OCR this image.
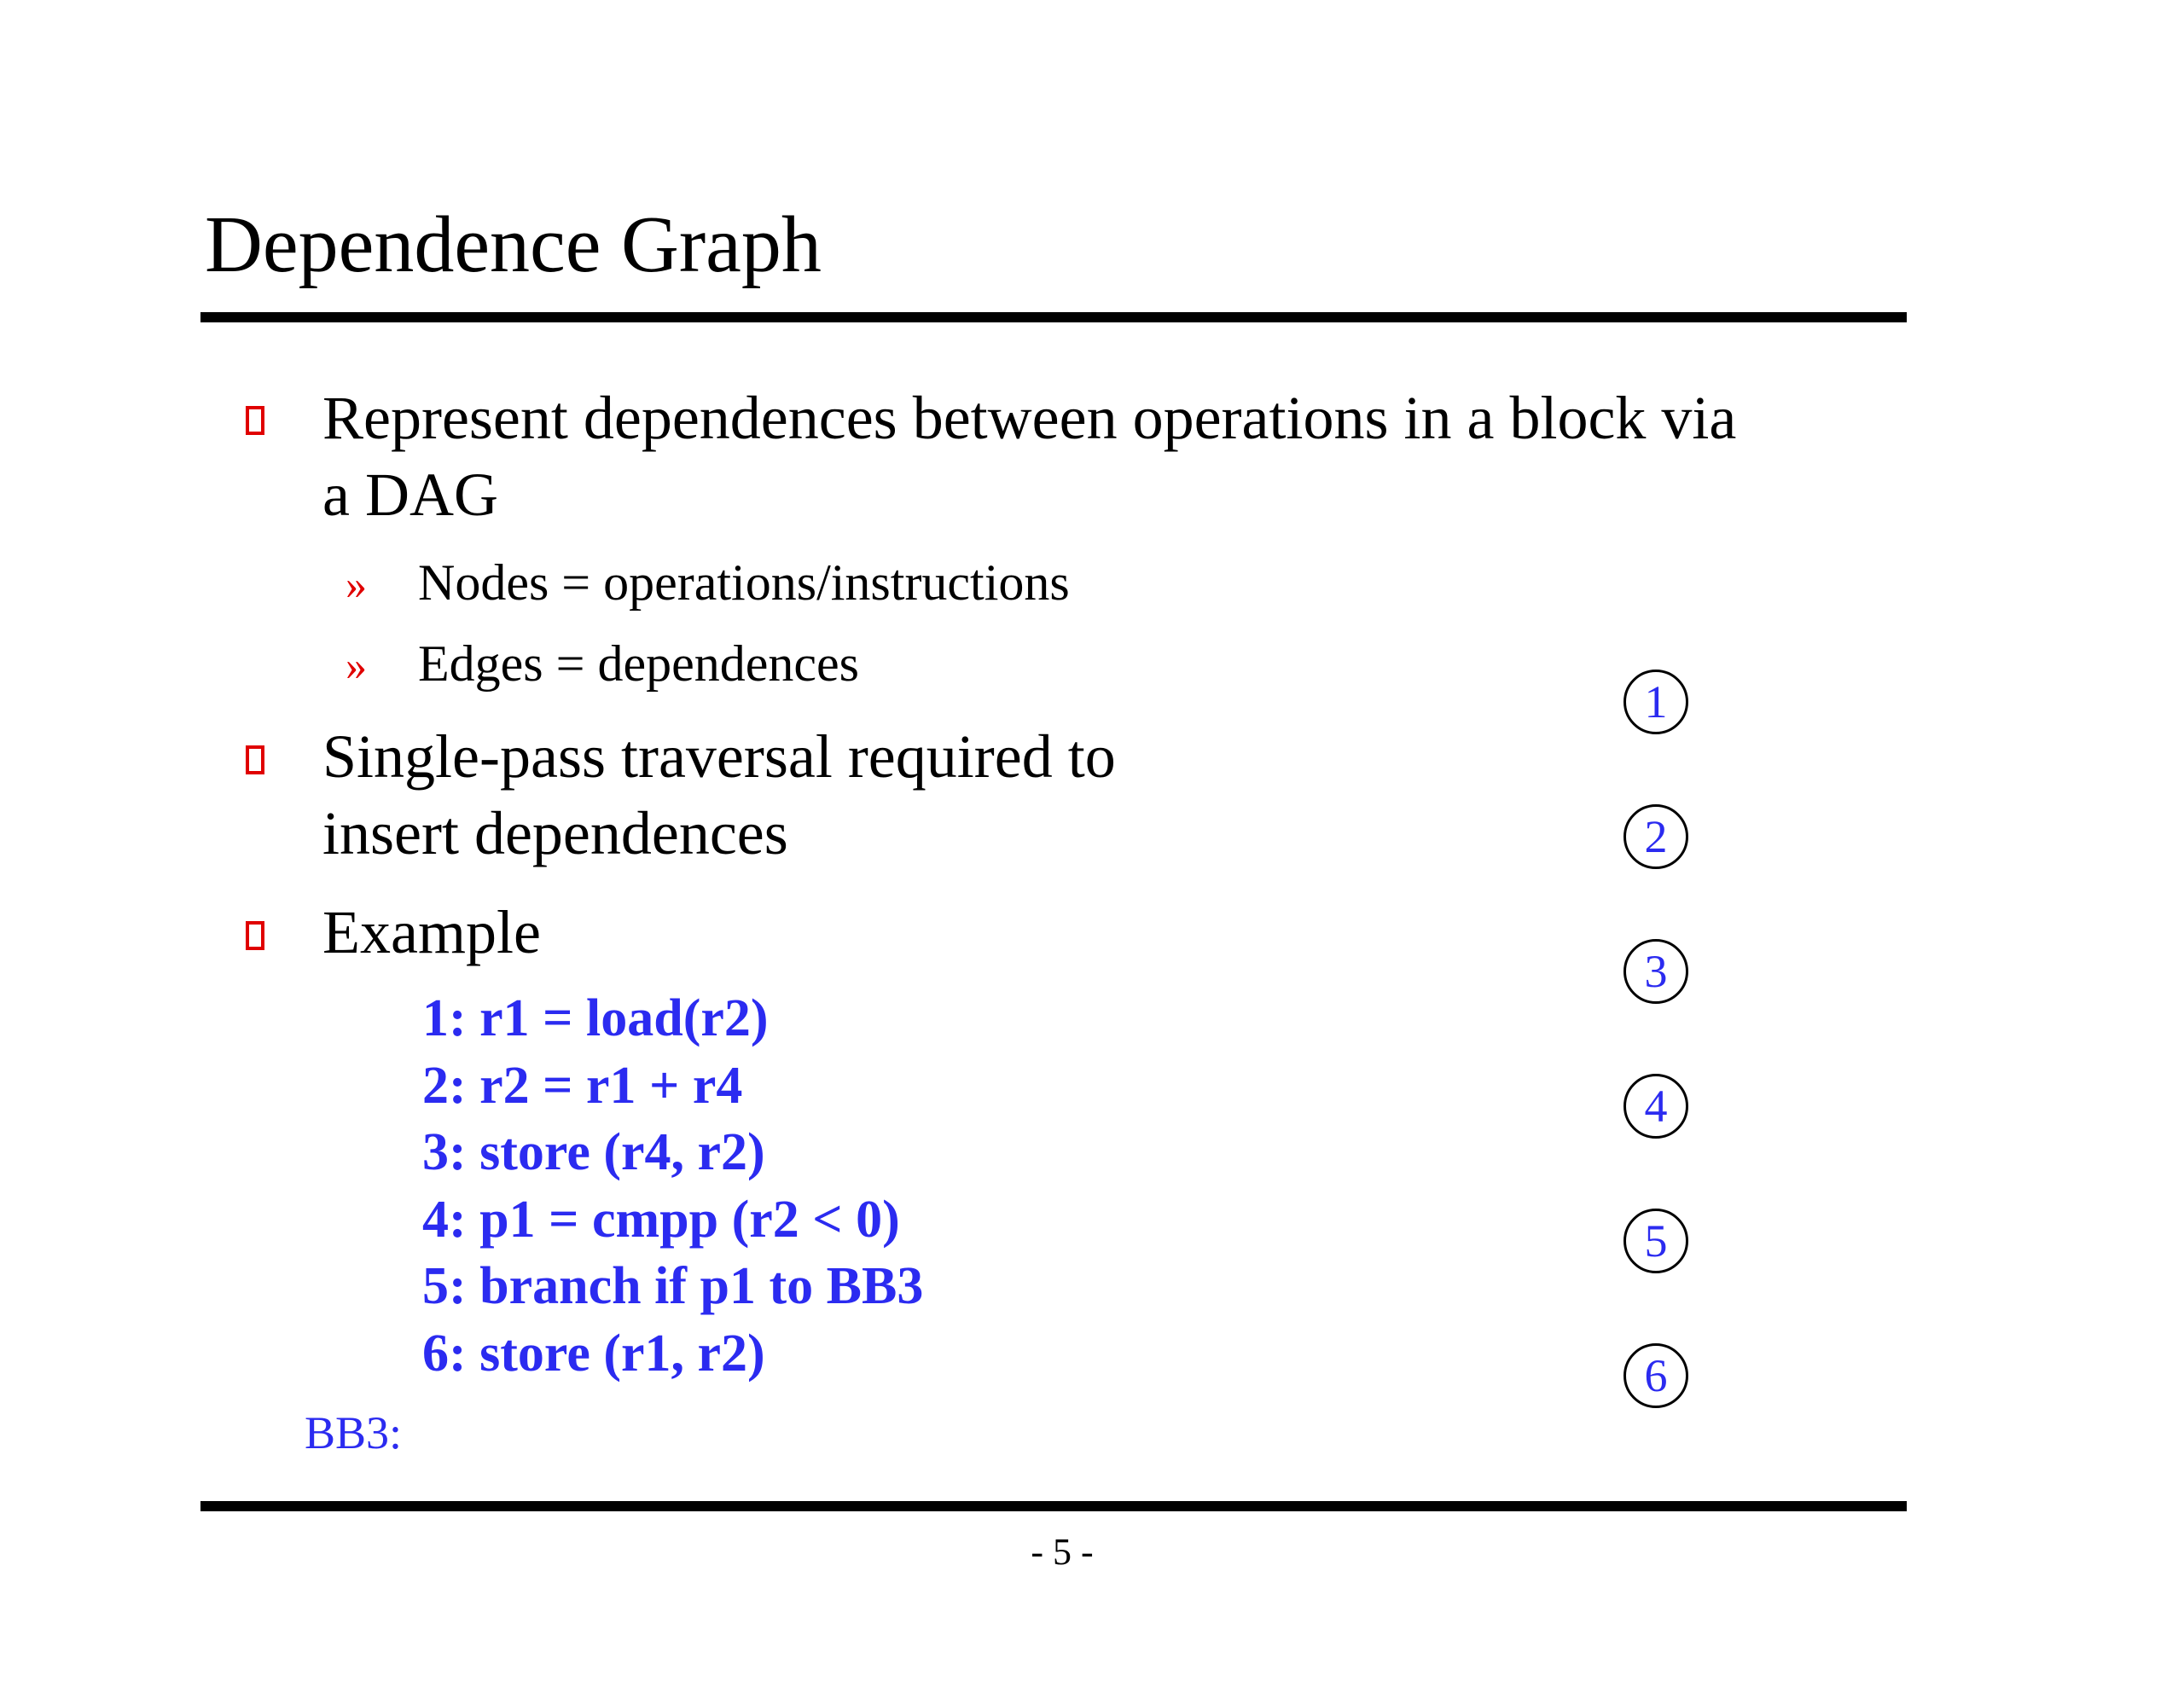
Dependence Graph
Represent dependences between operations in a block via
a DAG
» Nodes = operations/instructions
» Edges = dependences
Single-pass traversal required to
insert dependences
Example
1: r1 = load(r2)
2: r2 = r1 + r4
3: store (r4, r2)
4: p1 = cmpp (r2 < 0)
5: branch if p1 to BB3
6: store (r1, r2)
BB3:
1
2
3
4
5
6
- 5 -
